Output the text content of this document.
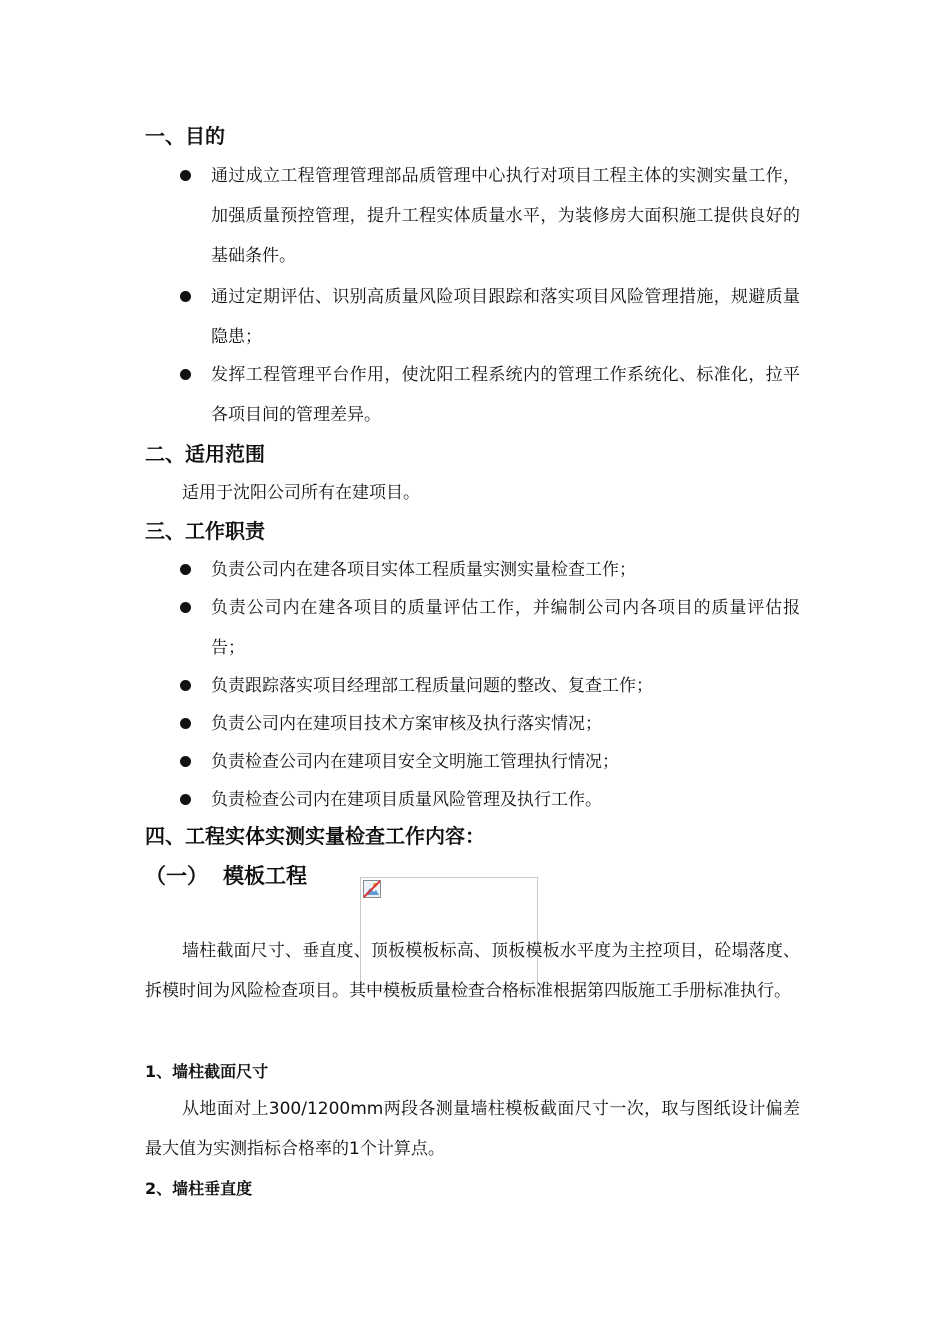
一、目的
通过成立工程管理管理部品质管理中心执行对项目工程主体的实测实量工作，加强质量预控管理，提升工程实体质量水平，为装修房大面积施工提供良好的基础条件。
通过定期评估、识别高质量风险项目跟踪和落实项目风险管理措施，规避质量隐患；
发挥工程管理平台作用，使沈阳工程系统内的管理工作系统化、标准化，拉平各项目间的管理差异。
二、适用范围
适用于沈阳公司所有在建项目。
三、工作职责
负责公司内在建各项目实体工程质量实测实量检查工作；
负责公司内在建各项目的质量评估工作，并编制公司内各项目的质量评估报告；
负责跟踪落实项目经理部工程质量问题的整改、复查工作；
负责公司内在建项目技术方案审核及执行落实情况；
负责检查公司内在建项目安全文明施工管理执行情况；
负责检查公司内在建项目质量风险管理及执行工作。
四、工程实体实测实量检查工作内容：
（一） 模板工程
墙柱截面尺寸、垂直度、顶板模板标高、顶板模板水平度为主控项目，砼塌落度、拆模时间为风险检查项目。其中模板质量检查合格标准根据第四版施工手册标准执行。
1、墙柱截面尺寸
从地面对上300/1200mm两段各测量墙柱模板截面尺寸一次，取与图纸设计偏差最大值为实测指标合格率的1个计算点。
2、墙柱垂直度
